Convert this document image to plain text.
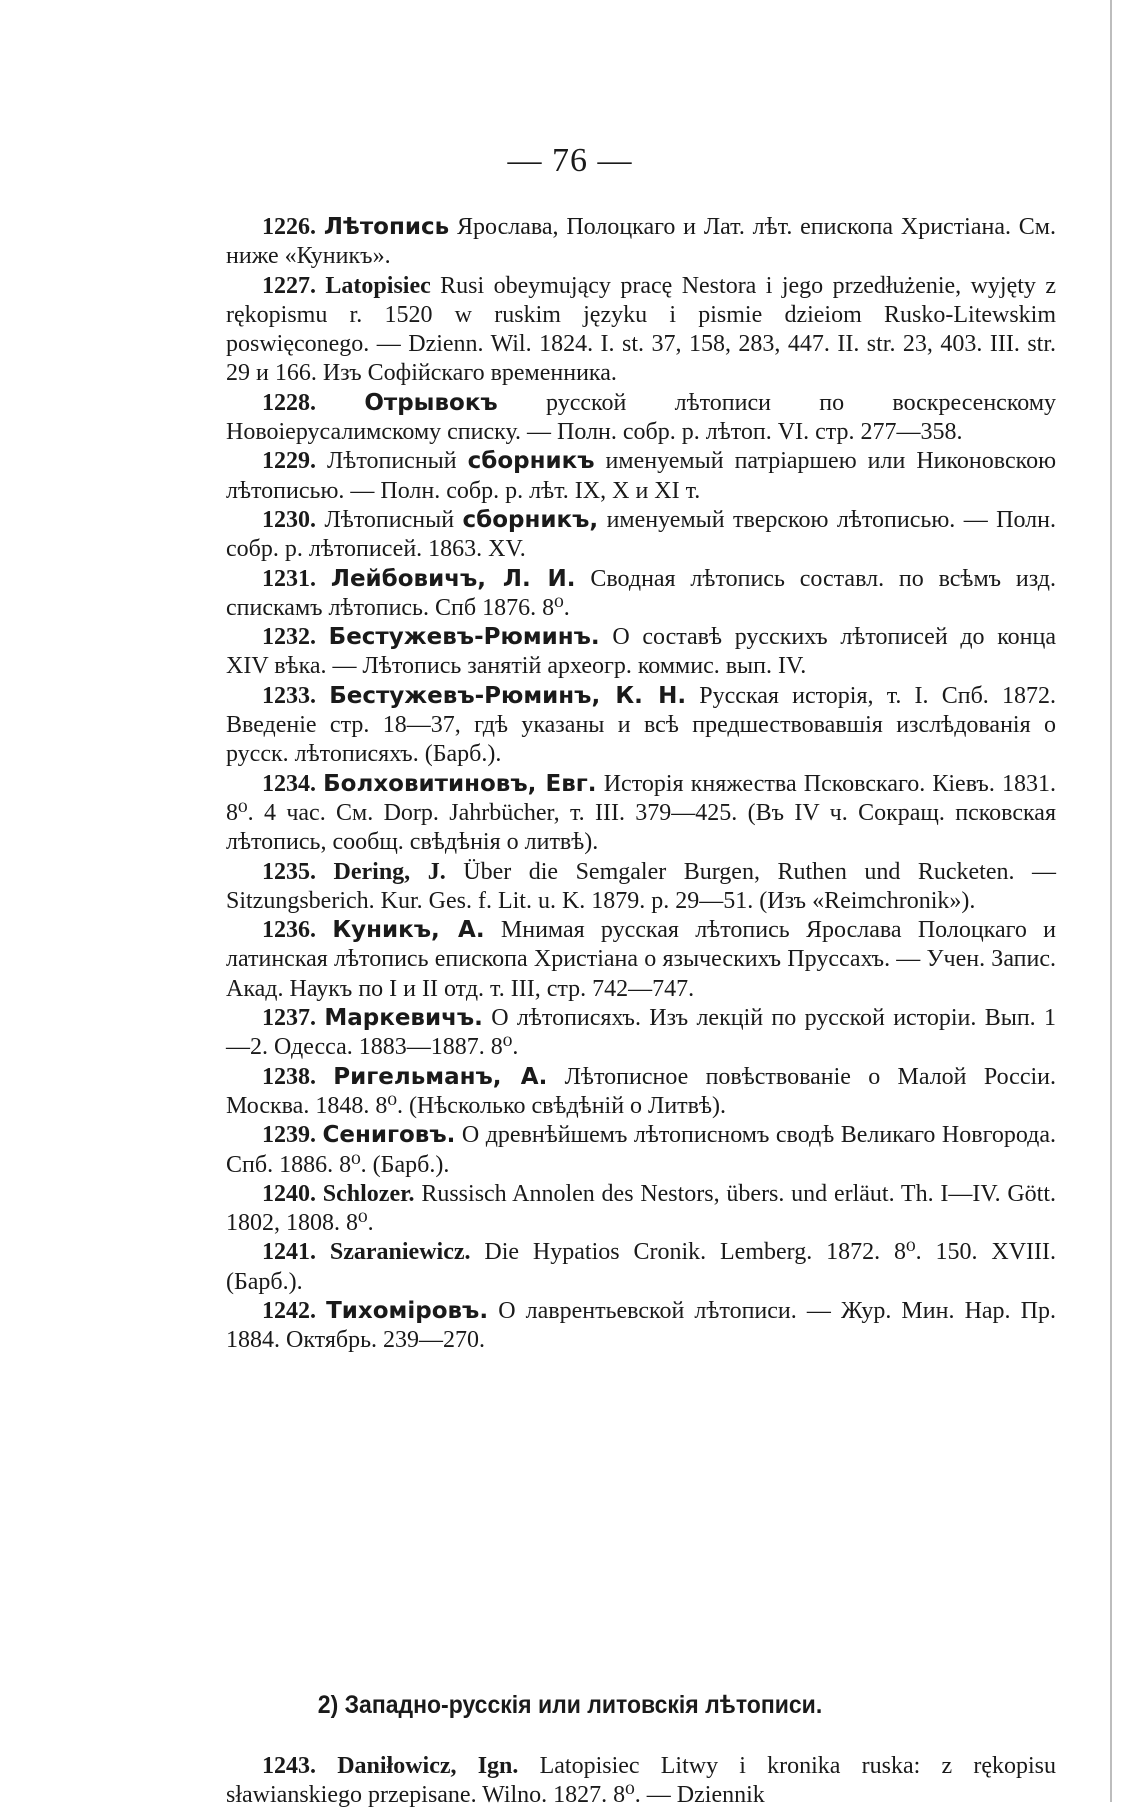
— 76 —

1226. Лѣтопись Ярослава, Полоцкаго и Лат. лѣт. епископа Христіана. См. ниже «Куникъ».

1227. Latopisiec Rusi obeymujący pracę Nestora i jego przedłużenie, wyjęty z rękopismu r. 1520 w ruskim języku i pismie dzieiom Rusko-Litewskim poswięconego. — Dzienn. Wil. 1824. I. st. 37, 158, 283, 447. II. str. 23, 403. III. str. 29 и 166. Изъ Софійскаго временника.

1228. Отрывокъ русской лѣтописи по воскресенскому Новоіерусалимскому списку. — Полн. собр. р. лѣтоп. VI. стр. 277—358.

1229. Лѣтописный сборникъ именуемый патріаршею или Никоновскою лѣтописью. — Полн. собр. р. лѣт. IX, X и XI т.

1230. Лѣтописный сборникъ, именуемый тверскою лѣтописью. — Полн. собр. р. лѣтописей. 1863. XV.

1231. Лейбовичъ, Л. И. Сводная лѣтопись составл. по всѣмъ изд. спискамъ лѣтопись. Спб 1876. 8⁰.

1232. Бестужевъ-Рюминъ. О составѣ русскихъ лѣтописей до конца XIV вѣка. — Лѣтопись занятій археогр. коммис. вып. IV.

1233. Бестужевъ-Рюминъ, К. Н. Русская исторія, т. I. Спб. 1872. Введеніе стр. 18—37, гдѣ указаны и всѣ предшествовавшія изслѣдованія о русск. лѣтописяхъ. (Барб.).

1234. Болховитиновъ, Евг. Исторія княжества Псковскаго. Кіевъ. 1831. 8⁰. 4 час. См. Dorp. Jahrbücher, т. III. 379—425. (Въ IV ч. Сокращ. псковская лѣтопись, сообщ. свѣдѣнія о литвѣ).

1235. Dering, J. Über die Semgaler Burgen, Ruthen und Rucketen. — Sitzungsberich. Kur. Ges. f. Lit. u. K. 1879. p. 29—51. (Изъ «Reimchronik»).

1236. Куникъ, А. Мнимая русская лѣтопись Ярослава Полоцкаго и латинская лѣтопись епископа Христіана о языческихъ Пруссахъ. — Учен. Запис. Акад. Наукъ по I и II отд. т. III, стр. 742—747.

1237. Маркевичъ. О лѣтописяхъ. Изъ лекцій по русской исторіи. Вып. 1—2. Одесса. 1883—1887. 8⁰.

1238. Ригельманъ, А. Лѣтописное повѣствованіе о Малой Россіи. Москва. 1848. 8⁰. (Нѣсколько свѣдѣній о Литвѣ).

1239. Сениговъ. О древнѣйшемъ лѣтописномъ сводѣ Великаго Новгорода. Спб. 1886. 8⁰. (Барб.).

1240. Schlozer. Russisch Annolen des Nestors, übers. und erläut. Th. I—IV. Gött. 1802, 1808. 8⁰.

1241. Szaraniewicz. Die Hypatios Cronik. Lemberg. 1872. 8⁰. 150. XVIII. (Барб.).

1242. Тихоміровъ. О лаврентьевской лѣтописи. — Жур. Мин. Нар. Пр. 1884. Октябрь. 239—270.

2) Западно-русскія или литовскія лѣтописи.

1243. Daniłowicz, Ign. Latopisiec Litwy i kronika ruska: z rękopisu sławianskiego przepisane. Wilno. 1827. 8⁰. — Dziennik
